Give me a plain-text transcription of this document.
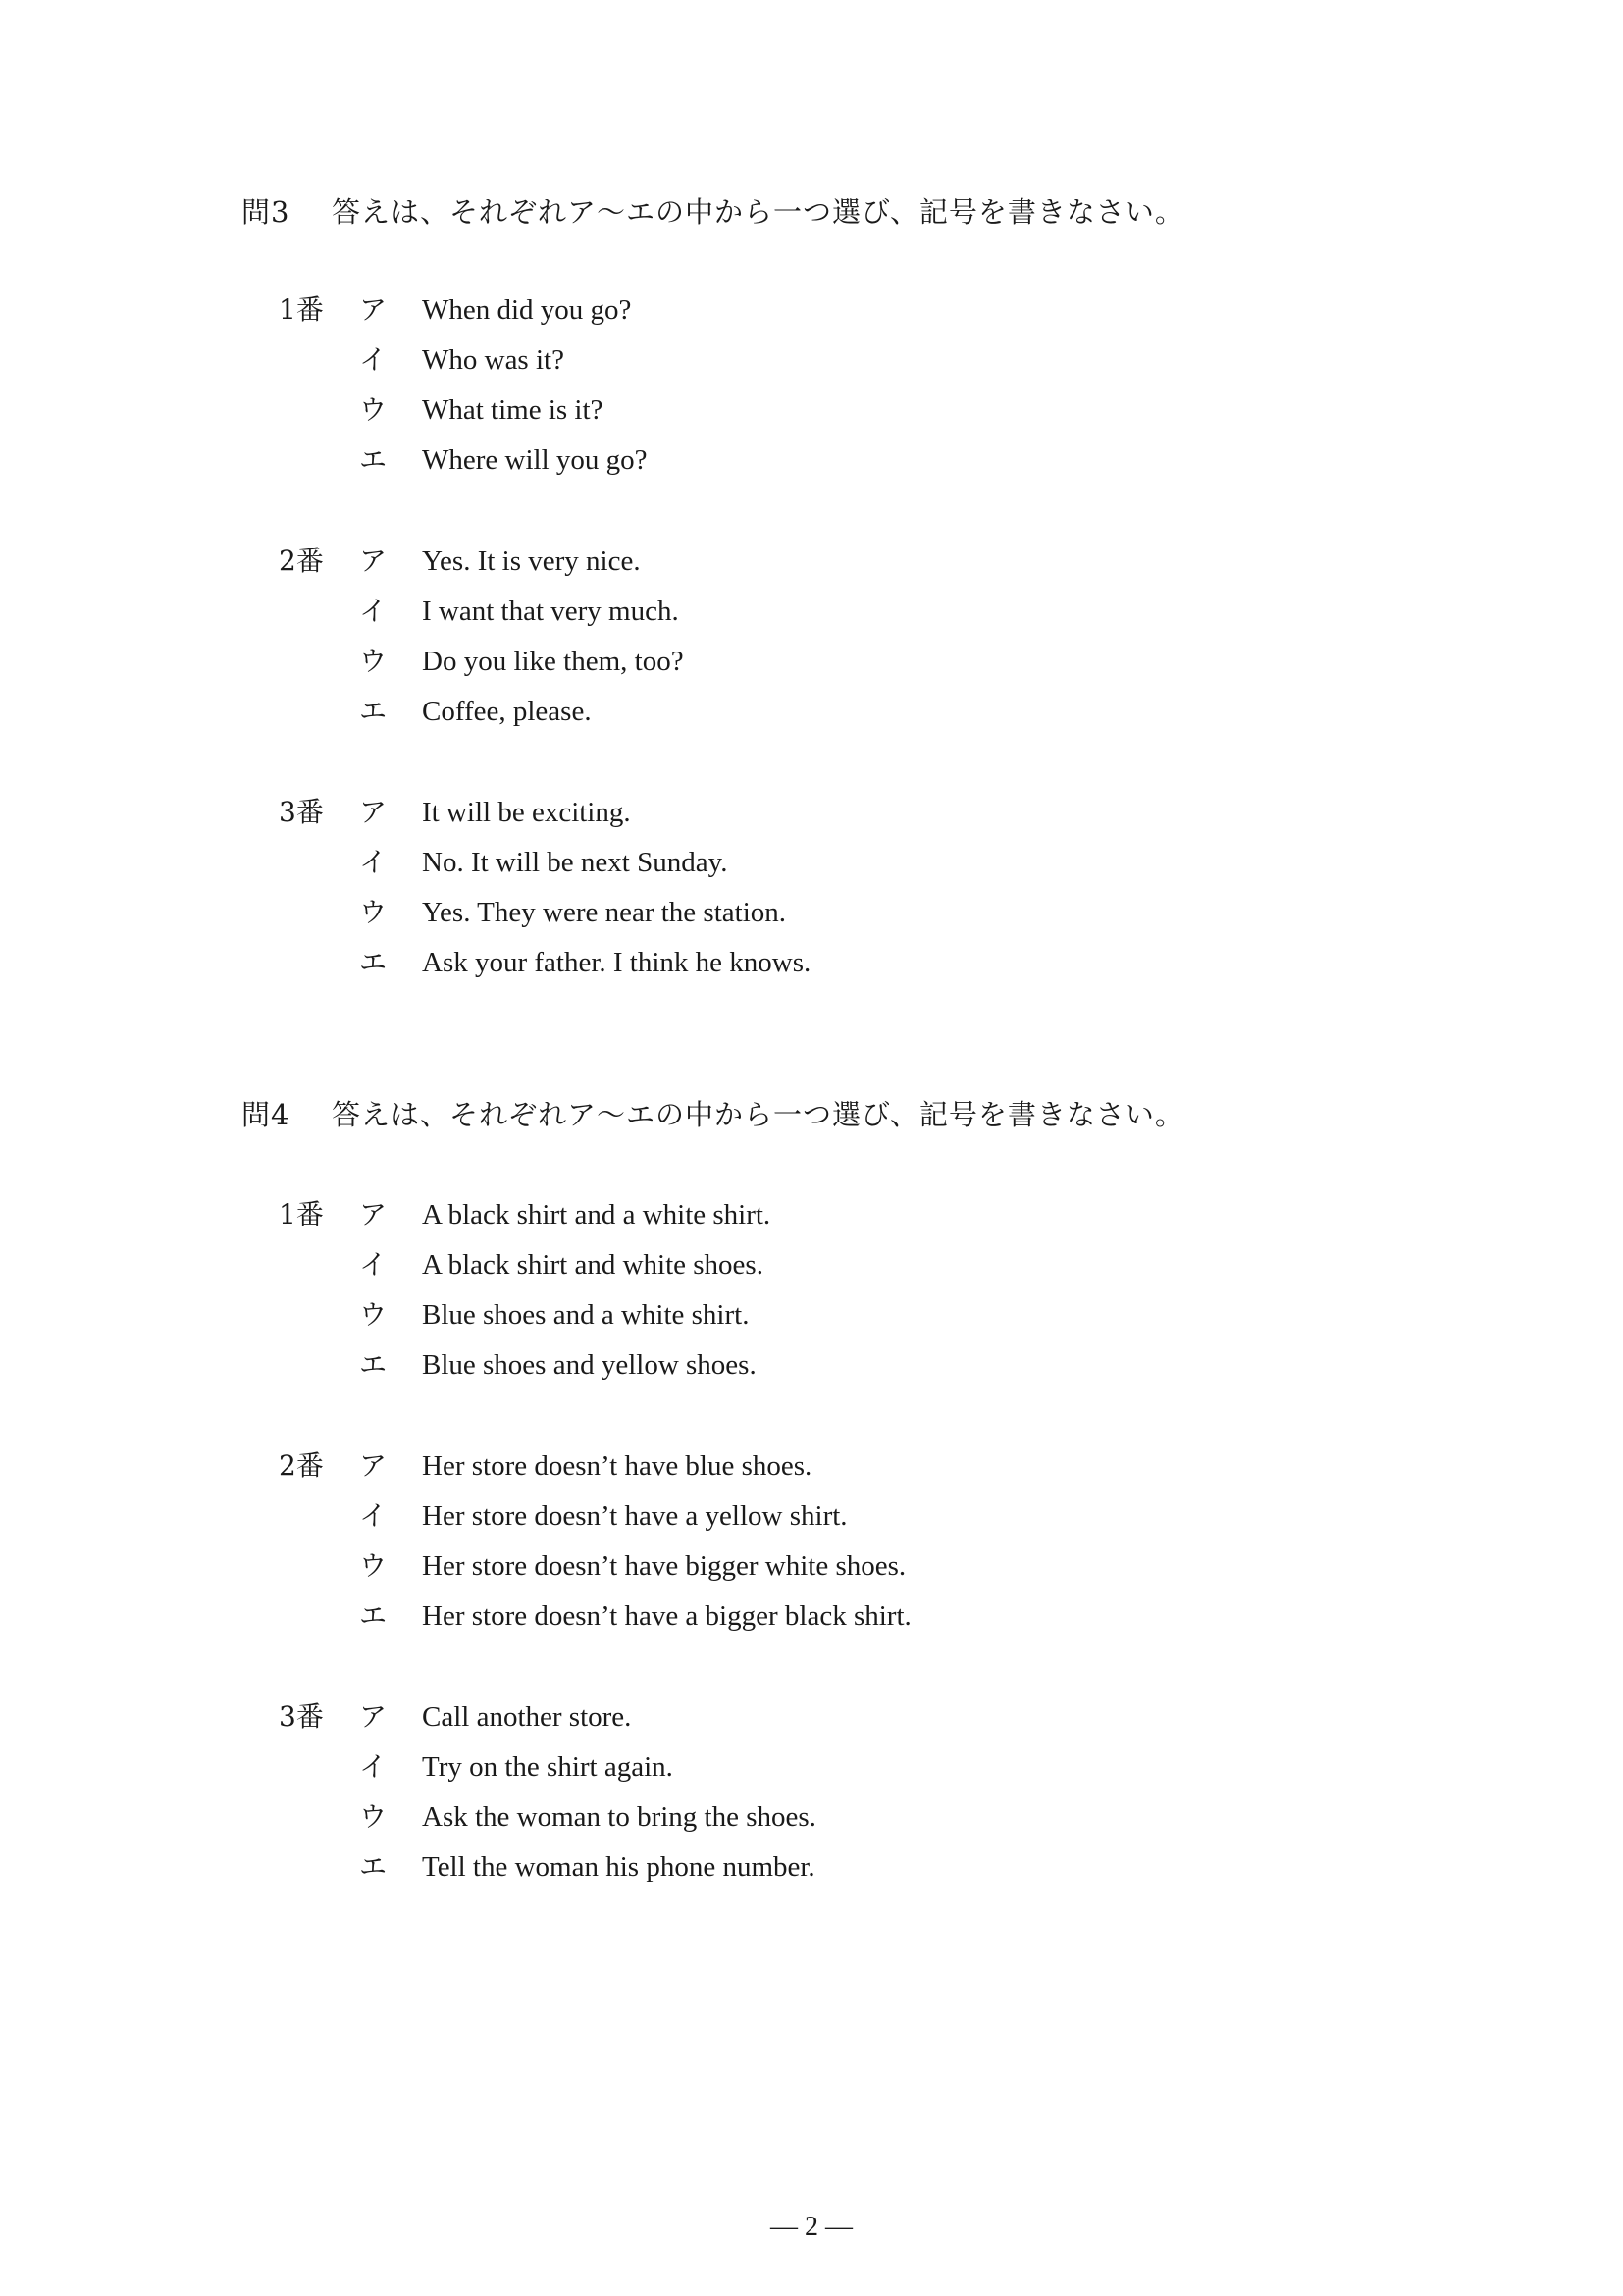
問3 答えは、それぞれア～エの中から一つ選び、記号を書きなさい。
1番 ア	When did you go?
イ	Who was it?
ウ	What time is it?
エ	Where will you go?
2番 ア	Yes. It is very nice.
イ	I want that very much.
ウ	Do you like them, too?
エ	Coffee, please.
3番 ア	It will be exciting.
イ	No. It will be next Sunday.
ウ	Yes. They were near the station.
エ	Ask your father. I think he knows.
問4 答えは、それぞれア～エの中から一つ選び、記号を書きなさい。
1番 ア	A black shirt and a white shirt.
イ	A black shirt and white shoes.
ウ	Blue shoes and a white shirt.
エ	Blue shoes and yellow shoes.
2番 ア	Her store doesn’t have blue shoes.
イ	Her store doesn’t have a yellow shirt.
ウ	Her store doesn’t have bigger white shoes.
エ	Her store doesn’t have a bigger black shirt.
3番 ア	Call another store.
イ	Try on the shirt again.
ウ	Ask the woman to bring the shoes.
エ	Tell the woman his phone number.
— 2 —
